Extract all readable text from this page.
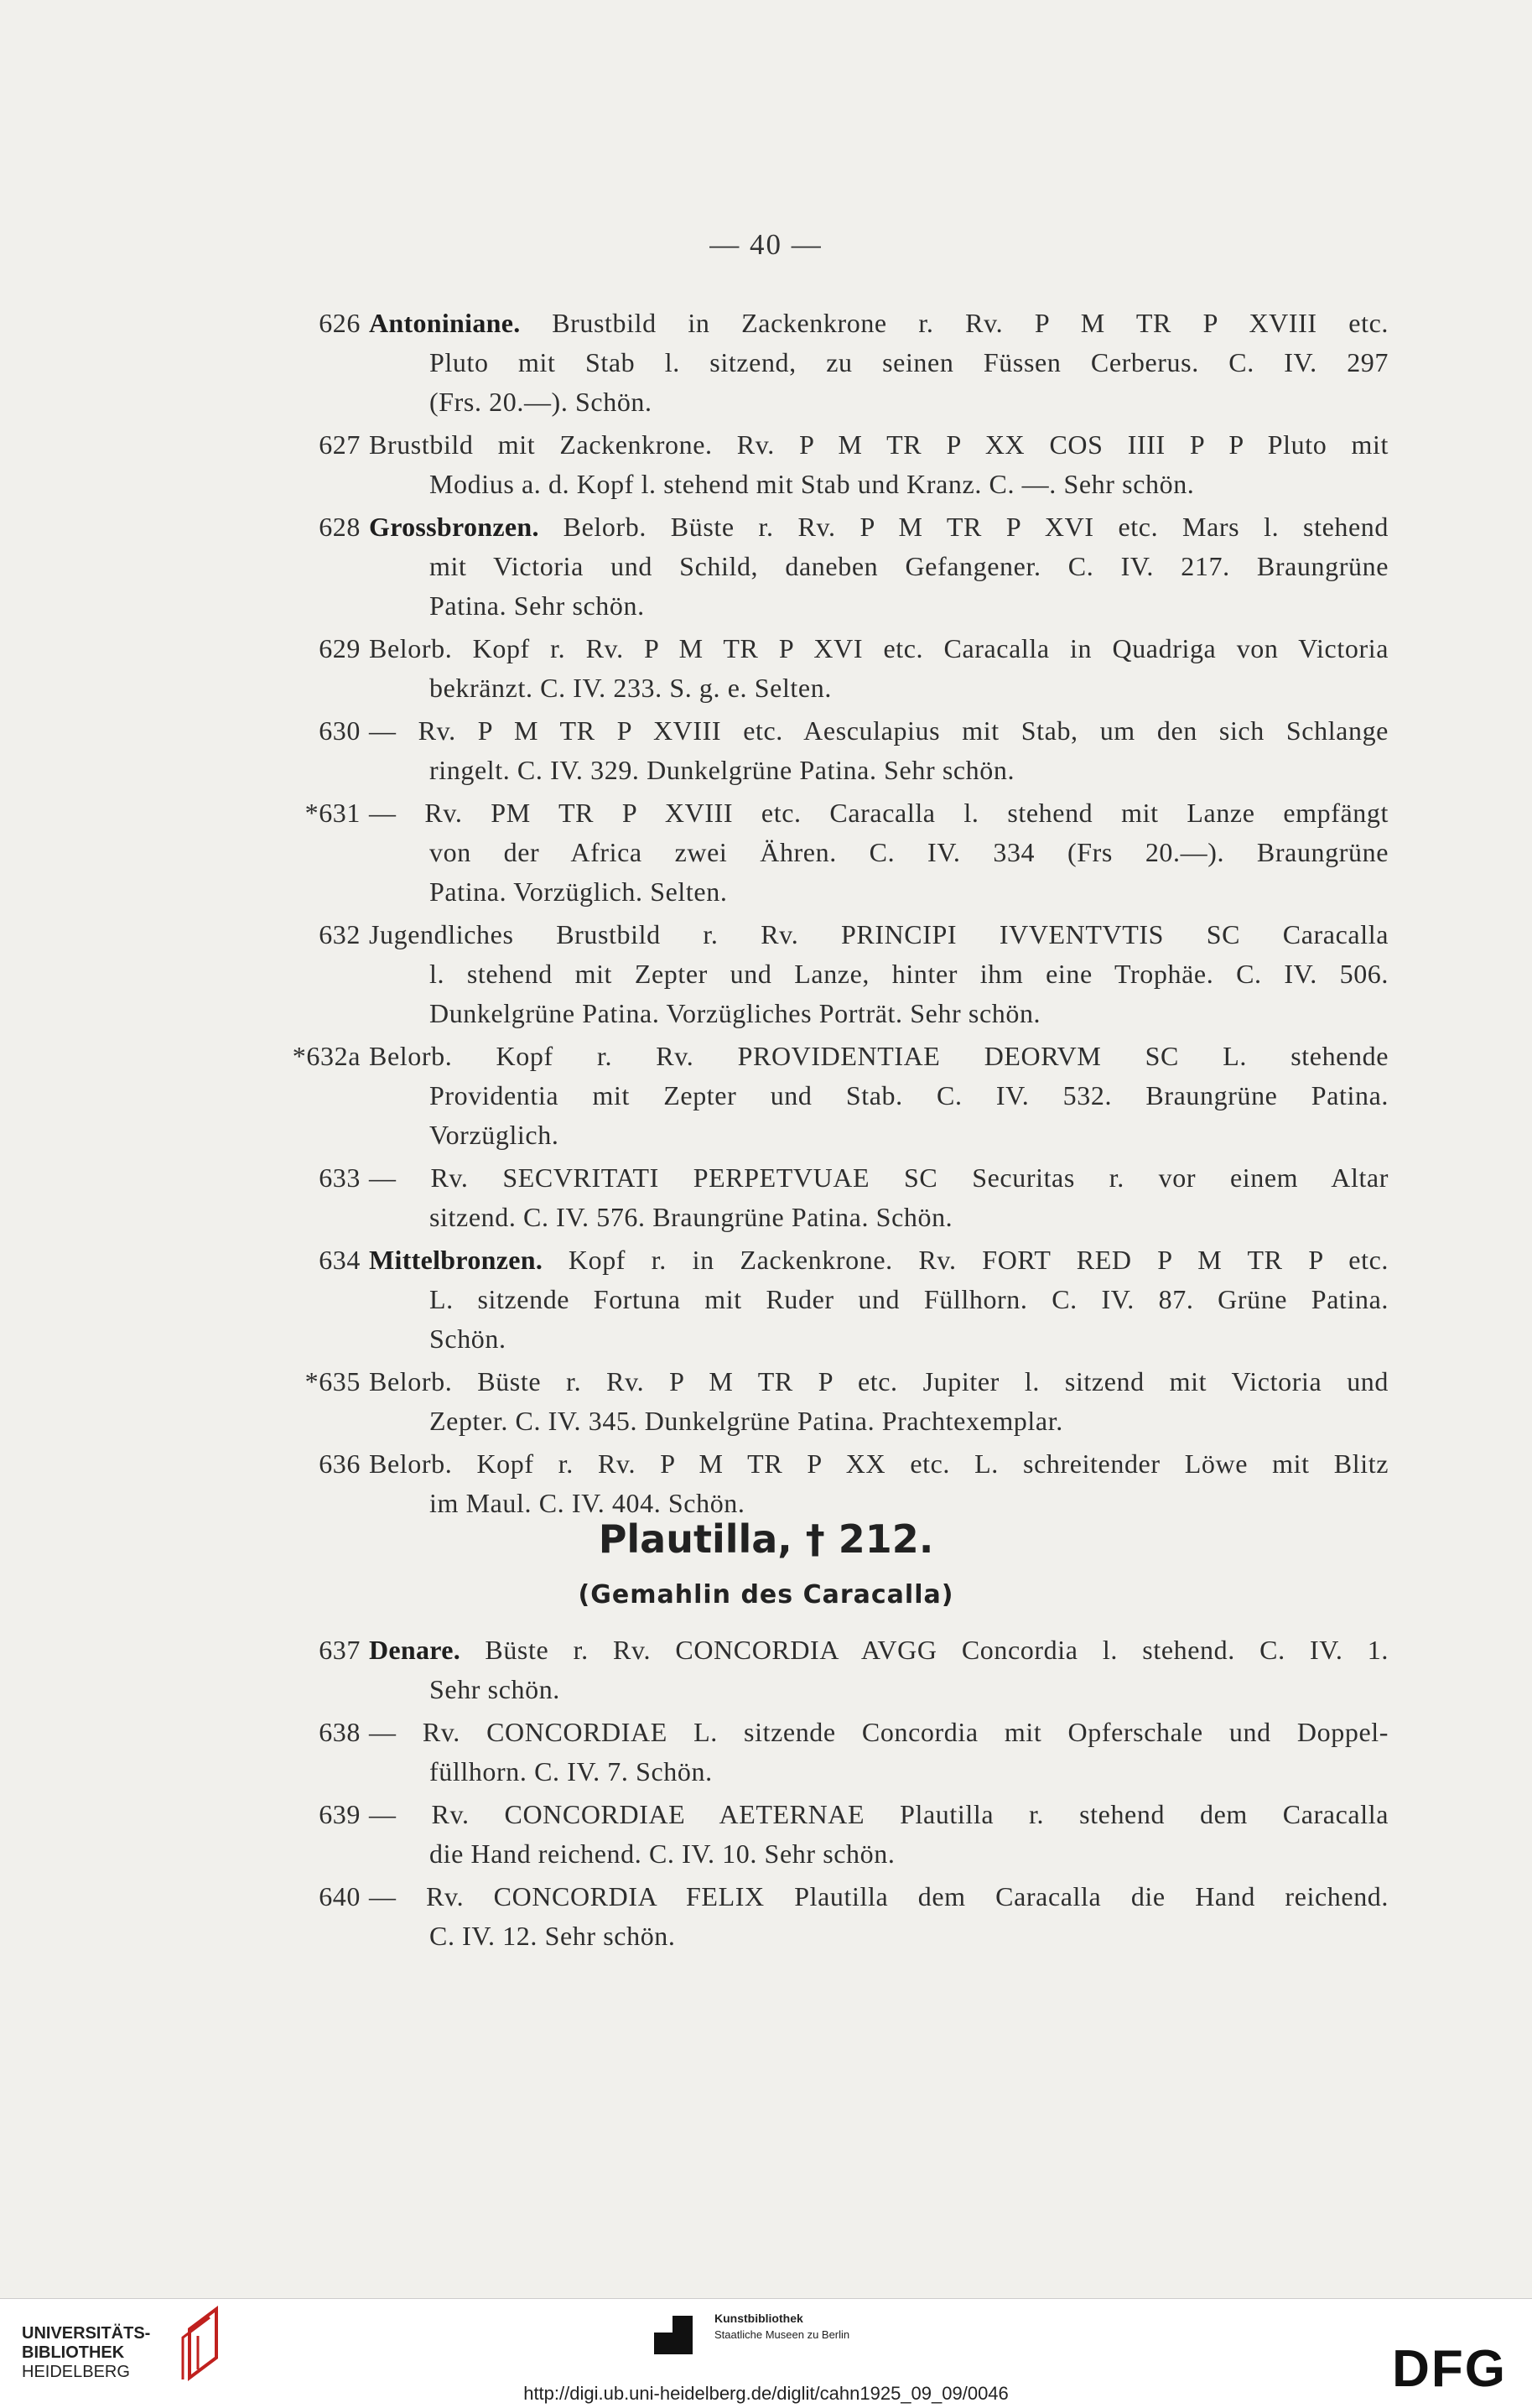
— 40 —
626 Antoniniane. Brustbild in Zackenkrone r. Rv. P M TR P XVIII etc.
Pluto mit Stab l. sitzend, zu seinen Füssen Cerberus. C. IV. 297
(Frs. 20.—). Schön.
627 Brustbild mit Zackenkrone. Rv. P M TR P XX COS IIII P P Pluto mit
Modius a. d. Kopf l. stehend mit Stab und Kranz. C. —. Sehr schön.
628 Grossbronzen. Belorb. Büste r. Rv. P M TR P XVI etc. Mars l. stehend
mit Victoria und Schild, daneben Gefangener. C. IV. 217. Braungrüne
Patina. Sehr schön.
629 Belorb. Kopf r. Rv. P M TR P XVI etc. Caracalla in Quadriga von Victoria
bekränzt. C. IV. 233. S. g. e. Selten.
630 — Rv. P M TR P XVIII etc. Aesculapius mit Stab, um den sich Schlange
ringelt. C. IV. 329. Dunkelgrüne Patina. Sehr schön.
*631 — Rv. PM TR P XVIII etc. Caracalla l. stehend mit Lanze empfängt
von der Africa zwei Ähren. C. IV. 334 (Frs 20.—). Braungrüne
Patina. Vorzüglich. Selten.
632 Jugendliches Brustbild r. Rv. PRINCIPI IVVENTVTIS SC Caracalla
l. stehend mit Zepter und Lanze, hinter ihm eine Trophäe. C. IV. 506.
Dunkelgrüne Patina. Vorzügliches Porträt. Sehr schön.
*632a Belorb. Kopf r. Rv. PROVIDENTIAE DEORVM SC L. stehende
Providentia mit Zepter und Stab. C. IV. 532. Braungrüne Patina.
Vorzüglich.
633 — Rv. SECVRITATI PERPETVUAE SC Securitas r. vor einem Altar
sitzend. C. IV. 576. Braungrüne Patina. Schön.
634 Mittelbronzen. Kopf r. in Zackenkrone. Rv. FORT RED P M TR P etc.
L. sitzende Fortuna mit Ruder und Füllhorn. C. IV. 87. Grüne Patina.
Schön.
*635 Belorb. Büste r. Rv. P M TR P etc. Jupiter l. sitzend mit Victoria und
Zepter. C. IV. 345. Dunkelgrüne Patina. Prachtexemplar.
636 Belorb. Kopf r. Rv. P M TR P XX etc. L. schreitender Löwe mit Blitz
im Maul. C. IV. 404. Schön.
Plautilla, † 212.
(Gemahlin des Caracalla)
637 Denare. Büste r. Rv. CONCORDIA AVGG Concordia l. stehend. C. IV. 1.
Sehr schön.
638 — Rv. CONCORDIAE L. sitzende Concordia mit Opferschale und Doppel-
füllhorn. C. IV. 7. Schön.
639 — Rv. CONCORDIAE AETERNAE Plautilla r. stehend dem Caracalla
die Hand reichend. C. IV. 10. Sehr schön.
640 — Rv. CONCORDIA FELIX Plautilla dem Caracalla die Hand reichend.
C. IV. 12. Sehr schön.
UNIVERSITÄTS-
BIBLIOTHEK
HEIDELBERG
Kunstbibliothek
Staatliche Museen zu Berlin
DFG
http://digi.ub.uni-heidelberg.de/diglit/cahn1925_09_09/0046
